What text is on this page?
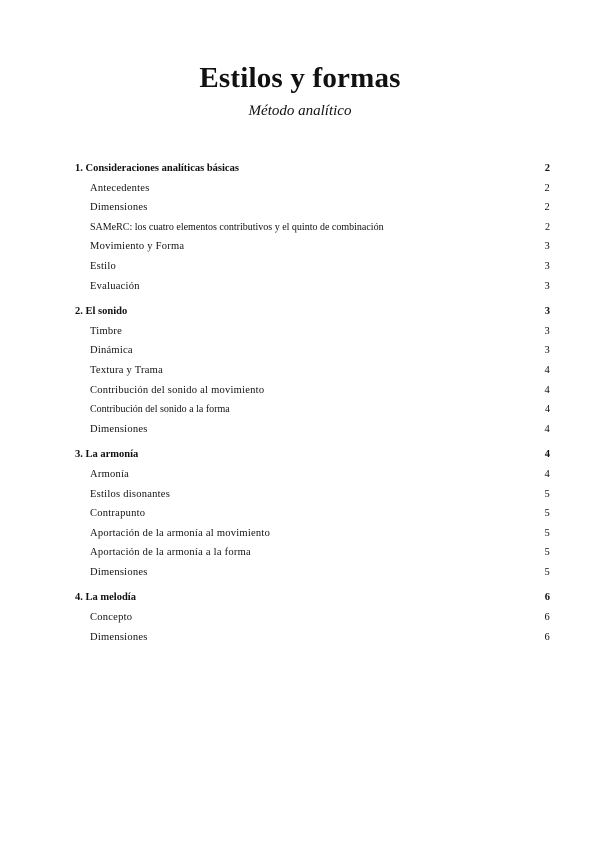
Estilos y formas
Método analítico
1. Consideraciones analíticas básicas	2
Antecedentes	2
Dimensiones	2
SAMeRC: los cuatro elementos contributivos y el quinto de combinación	2
Movimiento y Forma	3
Estilo	3
Evaluación	3
2. El sonido	3
Timbre	3
Dinámica	3
Textura y Trama	4
Contribución del sonido al movimiento	4
Contribución del sonido a la forma	4
Dimensiones	4
3. La armonía	4
Armonía	4
Estilos disonantes	5
Contrapunto	5
Aportación de la armonía al movimiento	5
Aportación de la armonía a la forma	5
Dimensiones	5
4. La melodía	6
Concepto	6
Dimensiones	6
